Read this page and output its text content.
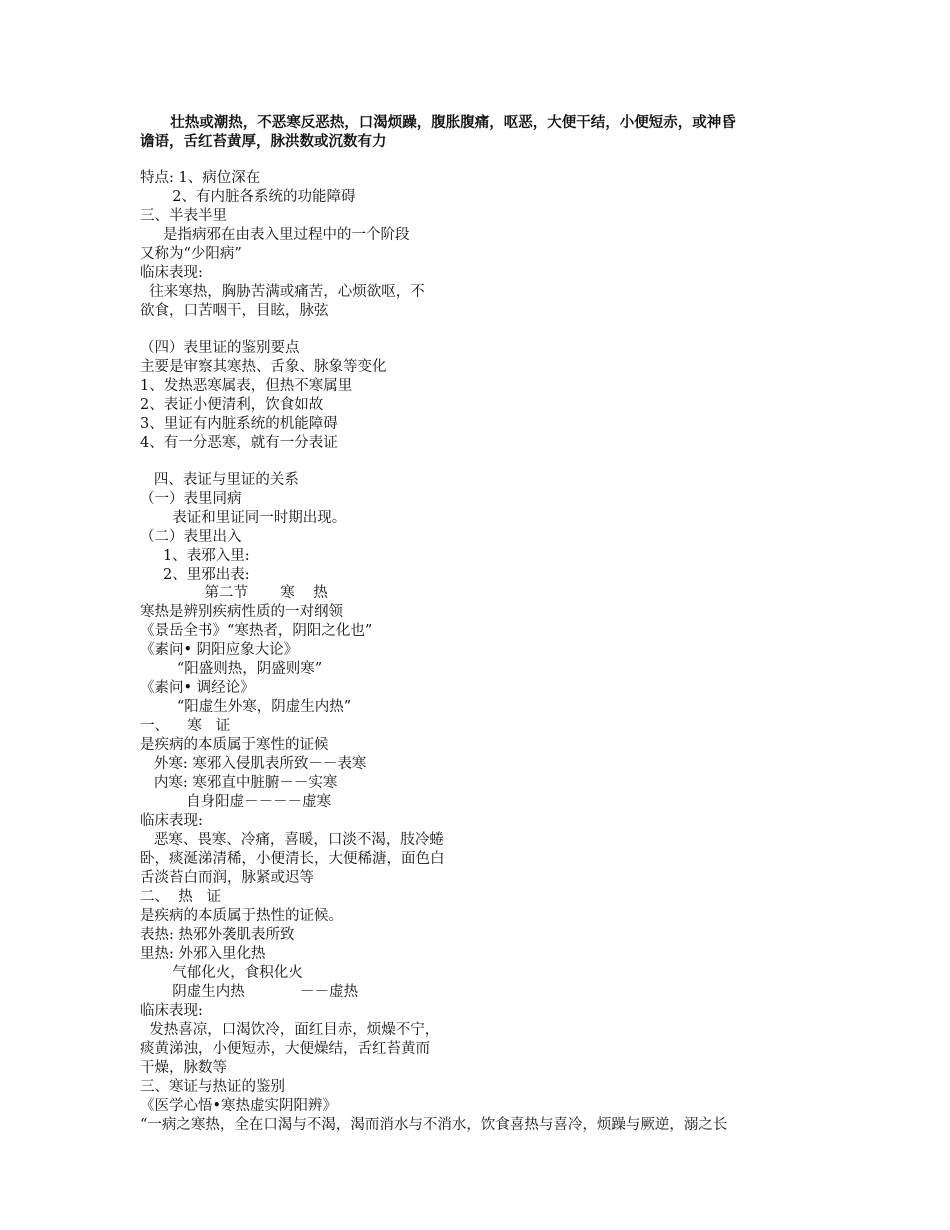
壮热或潮热，不恶寒反恶热，口渴烦躁，腹胀腹痛，呕恶，大便干结，小便短赤，或神昏
谵语，舌红苔黄厚，脉洪数或沉数有力
特点: 1、病位深在
2、有内脏各系统的功能障碍
三、半表半里
是指病邪在由表入里过程中的一个阶段
又称为“少阳病”
临床表现:
往来寒热，胸胁苦满或痛苦，心烦欲呕，不
欲食，口苦咽干，目眩，脉弦
（四）表里证的鉴别要点
主要是审察其寒热、舌象、脉象等变化
1、发热恶寒属表，但热不寒属里
2、表证小便清利，饮食如故
3、里证有内脏系统的机能障碍
4、有一分恶寒，就有一分表证
四、表证与里证的关系
（一）表里同病
表证和里证同一时期出现。
（二）表里出入
1、表邪入里:
2、里邪出表:
第二节       寒    热
寒热是辨别疾病性质的一对纲领
《景岳全书》“寒热者，阴阳之化也”
《素问• 阴阳应象大论》
“阳盛则热，阴盛则寒”
《素问• 调经论》
“阳虚生外寒，阴虚生内热”
一、    寒   证
是疾病的本质属于寒性的证候
外寒: 寒邪入侵肌表所致－－表寒
内寒: 寒邪直中脏腑－－实寒
自身阳虚－－－－虚寒
临床表现:
恶寒、畏寒、冷痛，喜暖，口淡不渴，肢冷蜷
卧，痰涎涕清稀，小便清长，大便稀溏，面色白
舌淡苔白而润，脉紧或迟等
二、  热   证
是疾病的本质属于热性的证候。
表热: 热邪外袭肌表所致
里热: 外邪入里化热
气郁化火，食积化火
阴虚生内热            －－虚热
临床表现:
发热喜凉，口渴饮冷，面红目赤，烦燥不宁，
痰黄涕浊，小便短赤，大便燥结，舌红苔黄而
干燥，脉数等
三、寒证与热证的鉴别
《医学心悟•寒热虚实阴阳辨》
“一病之寒热，全在口渴与不渴，渴而消水与不消水，饮食喜热与喜冷，烦躁与厥逆，溺之长
